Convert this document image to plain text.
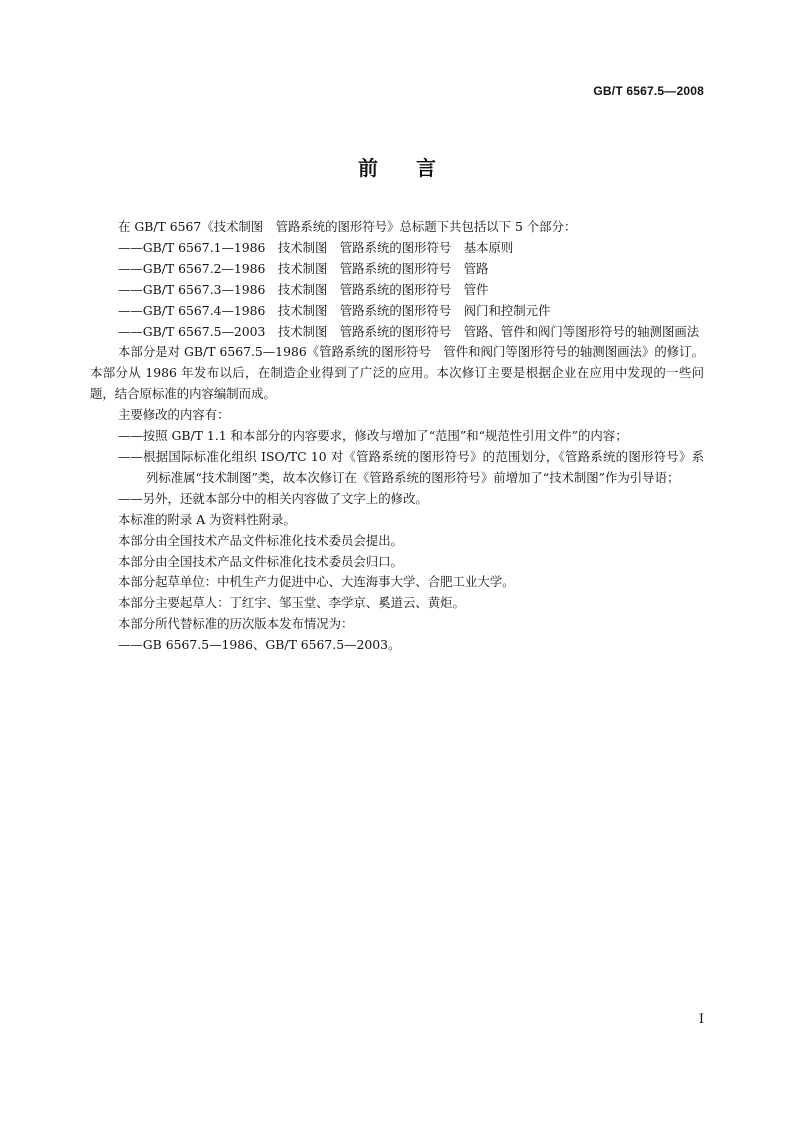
GB/T 6567.5—2008
前言

在 GB/T 6567《技术制图　管路系统的图形符号》总标题下共包括以下 5 个部分：

——GB/T 6567.1—1986　技术制图　管路系统的图形符号　基本原则

——GB/T 6567.2—1986　技术制图　管路系统的图形符号　管路

——GB/T 6567.3—1986　技术制图　管路系统的图形符号　管件

——GB/T 6567.4—1986　技术制图　管路系统的图形符号　阀门和控制元件

——GB/T 6567.5—2003　技术制图　管路系统的图形符号　管路、管件和阀门等图形符号的轴测图画法

本部分是对 GB/T 6567.5—1986《管路系统的图形符号　管件和阀门等图形符号的轴测图画法》的修订。本部分从 1986 年发布以后，在制造企业得到了广泛的应用。本次修订主要是根据企业在应用中发现的一些问题，结合原标准的内容编制而成。

主要修改的内容有：

——按照 GB/T 1.1 和本部分的内容要求，修改与增加了“范围”和“规范性引用文件”的内容；

——根据国际标准化组织 ISO/TC 10 对《管路系统的图形符号》的范围划分，《管路系统的图形符号》系列标准属“技术制图”类，故本次修订在《管路系统的图形符号》前增加了“技术制图”作为引导语；

——另外，还就本部分中的相关内容做了文字上的修改。

本标准的附录 A 为资料性附录。

本部分由全国技术产品文件标准化技术委员会提出。

本部分由全国技术产品文件标准化技术委员会归口。

本部分起草单位：中机生产力促进中心、大连海事大学、合肥工业大学。

本部分主要起草人：丁红宇、邹玉堂、李学京、奚道云、黄炬。

本部分所代替标准的历次版本发布情况为：

——GB 6567.5—1986、GB/T 6567.5—2003。

I
